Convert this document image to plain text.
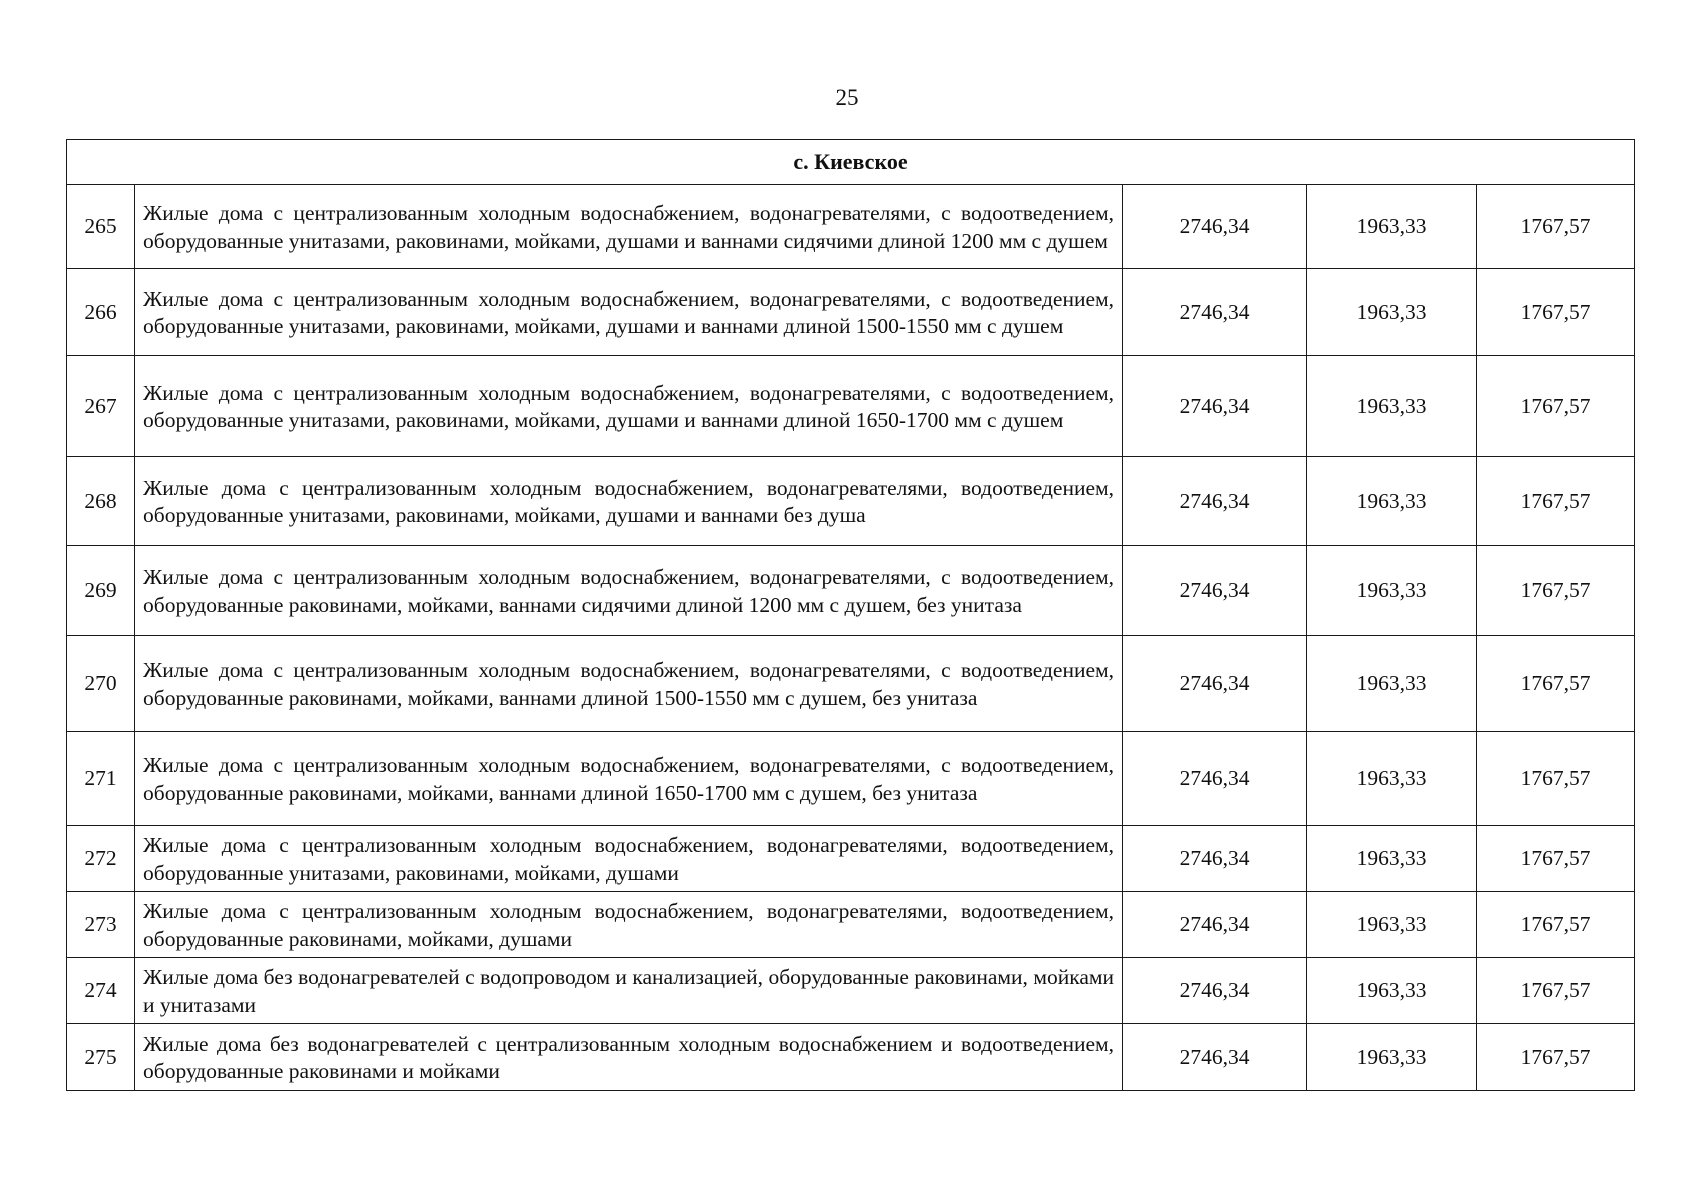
25
с. Киевское				
265	Жилые дома с централизованным холодным водоснабжением, водонагревателями, с водоотведением, оборудованные унитазами, раковинами, мойками, душами и ваннами сидячими длиной 1200 мм с душем	2746,34	1963,33	1767,57
266	Жилые дома с централизованным холодным водоснабжением, водонагревателями, с водоотведением, оборудованные унитазами, раковинами, мойками, душами и ваннами длиной 1500-1550 мм с душем	2746,34	1963,33	1767,57
267	Жилые дома с централизованным холодным водоснабжением, водонагревателями, с водоотведением, оборудованные унитазами, раковинами, мойками, душами и ваннами длиной 1650-1700 мм с душем	2746,34	1963,33	1767,57
268	Жилые дома с централизованным холодным водоснабжением, водонагревателями, водоотведением, оборудованные унитазами, раковинами, мойками, душами и ваннами без душа	2746,34	1963,33	1767,57
269	Жилые дома с централизованным холодным водоснабжением, водонагревателями, с водоотведением, оборудованные раковинами, мойками, ваннами сидячими длиной 1200 мм с душем, без унитаза	2746,34	1963,33	1767,57
270	Жилые дома с централизованным холодным водоснабжением, водонагревателями, с водоотведением, оборудованные раковинами, мойками, ваннами длиной 1500-1550 мм с душем, без унитаза	2746,34	1963,33	1767,57
271	Жилые дома с централизованным холодным водоснабжением, водонагревателями, с водоотведением, оборудованные раковинами, мойками, ваннами длиной 1650-1700 мм с душем, без унитаза	2746,34	1963,33	1767,57
272	Жилые дома с централизованным холодным водоснабжением, водонагревателями, водоотведением, оборудованные унитазами, раковинами, мойками, душами	2746,34	1963,33	1767,57
273	Жилые дома с централизованным холодным водоснабжением, водонагревателями, водоотведением, оборудованные раковинами, мойками, душами	2746,34	1963,33	1767,57
274	Жилые дома без водонагревателей с водопроводом и канализацией, оборудованные раковинами, мойками и унитазами	2746,34	1963,33	1767,57
275	Жилые дома без водонагревателей с централизованным холодным водоснабжением и водоотведением, оборудованные раковинами и мойками	2746,34	1963,33	1767,57
